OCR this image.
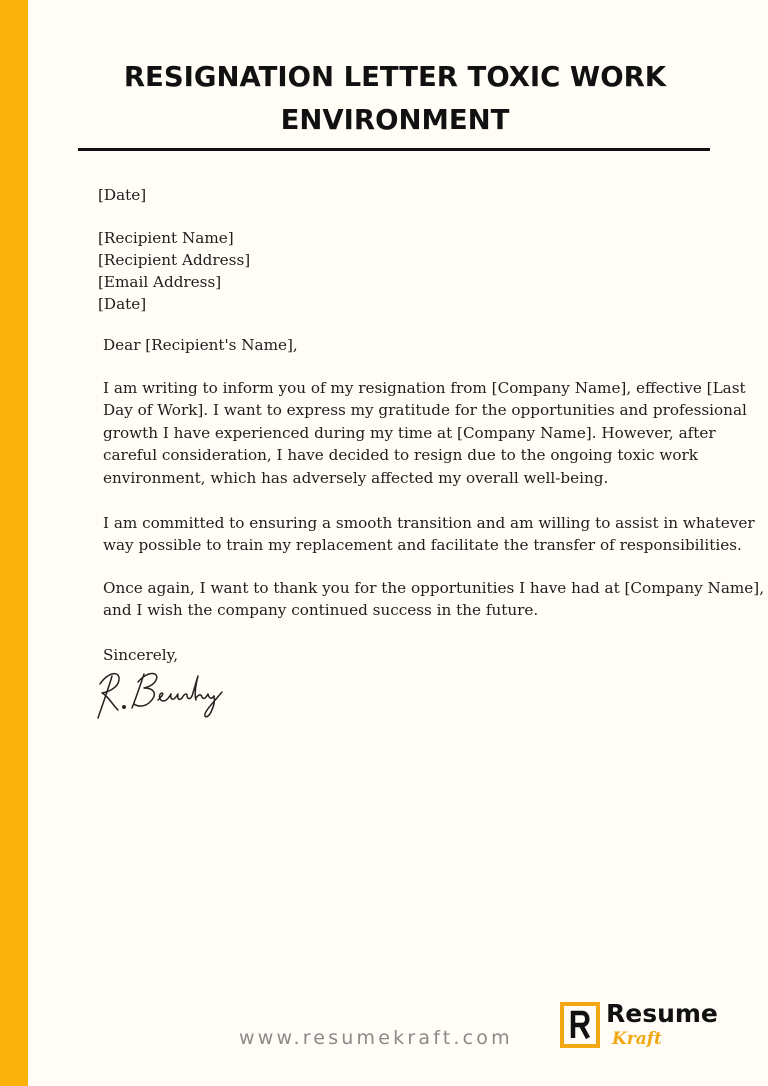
RESIGNATION LETTER TOXIC WORK
ENVIRONMENT
[Date]
[Recipient Name]
[Recipient Address]
[Email Address]
[Date]
Dear [Recipient's Name],
I am writing to inform you of my resignation from [Company Name], effective [Last
Day of Work]. I want to express my gratitude for the opportunities and professional
growth I have experienced during my time at [Company Name]. However, after
careful consideration, I have decided to resign due to the ongoing toxic work
environment, which has adversely affected my overall well-being.
I am committed to ensuring a smooth transition and am willing to assist in whatever
way possible to train my replacement and facilitate the transfer of responsibilities.
Once again, I want to thank you for the opportunities I have had at [Company Name],
and I wish the company continued success in the future.
Sincerely,
www.resumekraft.com
Resume
Kraft
